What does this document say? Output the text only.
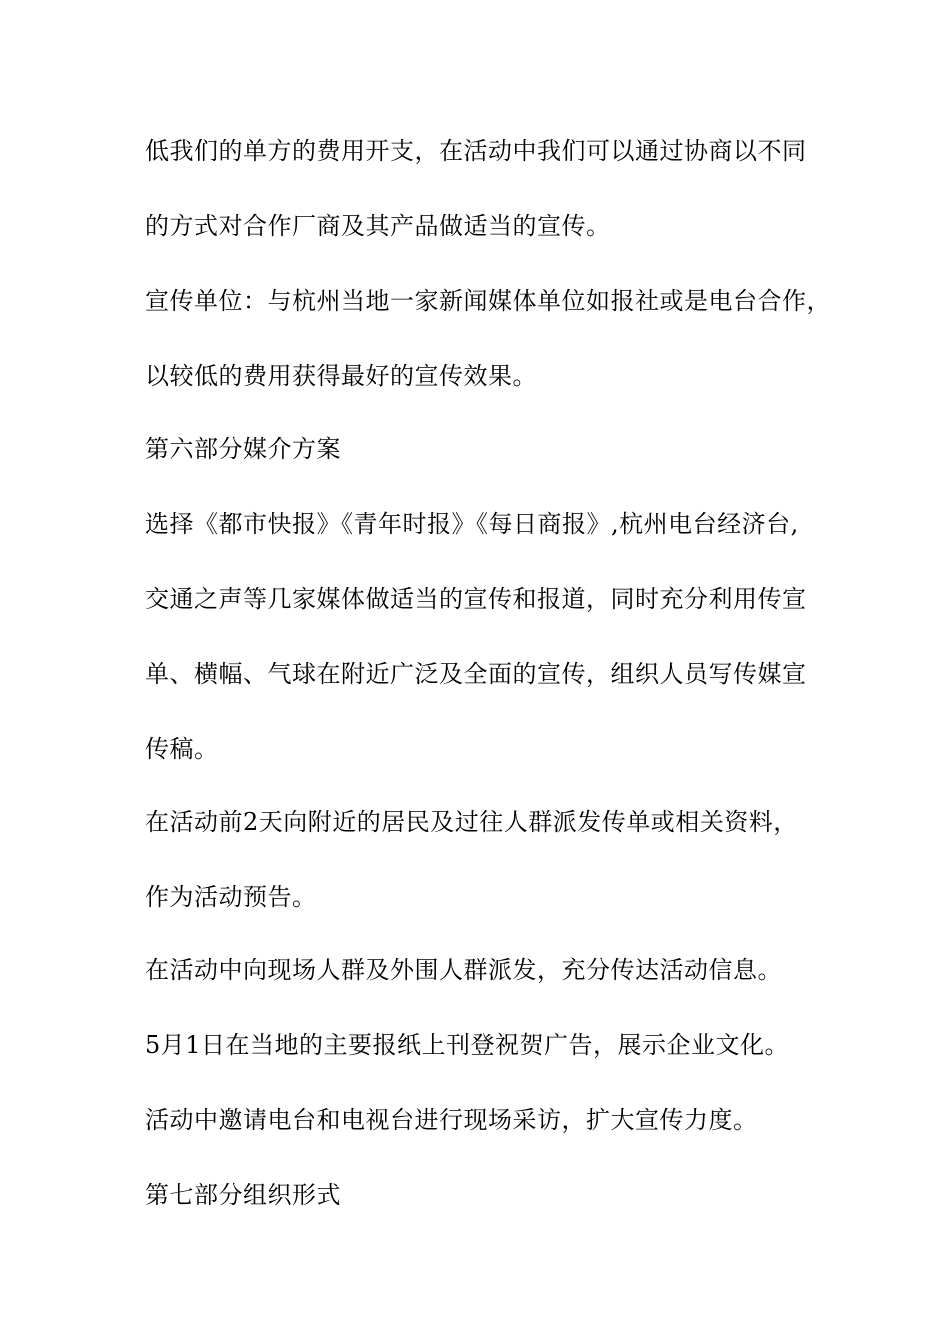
低我们的单方的费用开支，在活动中我们可以通过协商以不同
的方式对合作厂商及其产品做适当的宣传。
宣传单位：与杭州当地一家新闻媒体单位如报社或是电台合作，
以较低的费用获得最好的宣传效果。
第六部分媒介方案
选择《都市快报》《青年时报》《每日商报》,杭州电台经济台,
交通之声等几家媒体做适当的宣传和报道，同时充分利用传宣
单、横幅、气球在附近广泛及全面的宣传，组织人员写传媒宣
传稿。
在活动前2天向附近的居民及过往人群派发传单或相关资料，
作为活动预告。
在活动中向现场人群及外围人群派发，充分传达活动信息。
5月1日在当地的主要报纸上刊登祝贺广告，展示企业文化。
活动中邀请电台和电视台进行现场采访，扩大宣传力度。
第七部分组织形式
